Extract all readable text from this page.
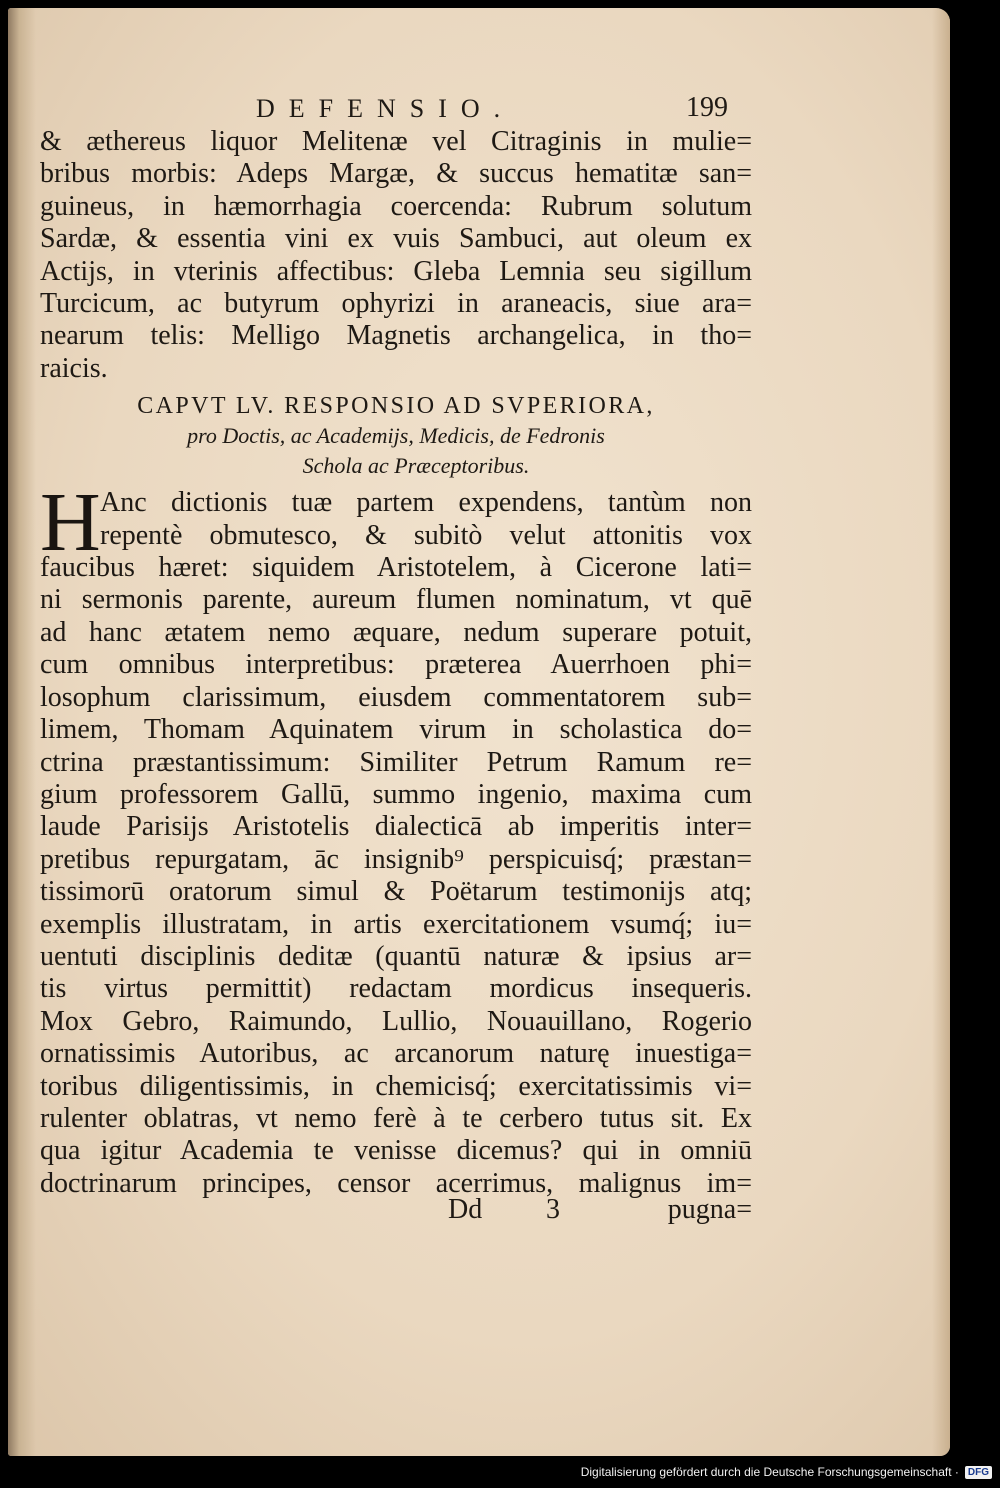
DEFENSIO.	199
& æthereus liquor Melitenæ vel Citraginis in mulie=
bribus morbis: Adeps Margæ, & succus hematitæ san=
guineus, in hæmorrhagia coercenda: Rubrum solutum
Sardæ, & essentia vini ex vuis Sambuci, aut oleum ex
Actijs, in vterinis affectibus: Gleba Lemnia seu sigillum
Turcicum, ac butyrum ophyrizi in araneacis, siue ara=
nearum telis: Melligo Magnetis archangelica, in tho=
raicis.
CAPVT LV. RESPONSIO AD SVPERIORA,
pro Doctis, ac Academijs, Medicis, de Fedronis
Schola ac Præceptoribus.
H Anc dictionis tuæ partem expendens, tantùm non
repentè obmutesco, & subitò velut attonitis vox
faucibus hæret: siquidem Aristotelem, à Cicerone lati=
ni sermonis parente, aureum flumen nominatum, vt quē
ad hanc ætatem nemo æquare, nedum superare potuit,
cum omnibus interpretibus: præterea Auerrhoen phi=
losophum clarissimum, eiusdem commentatorem sub=
limem, Thomam Aquinatem virum in scholastica do=
ctrina præstantissimum: Similiter Petrum Ramum re=
gium professorem Gallū, summo ingenio, maxima cum
laude Parisijs Aristotelis dialecticā ab imperitis inter=
pretibus repurgatam, āc insignib⁹ perspicuisq́; præstan=
tissimorū oratorum simul & Poëtarum testimonijs atq;
exemplis illustratam, in artis exercitationem vsumq́; iu=
uentuti disciplinis deditæ (quantū naturæ & ipsius ar=
tis virtus permittit) redactam mordicus insequeris.
Mox Gebro, Raimundo, Lullio, Nouauillano, Rogerio
ornatissimis Autoribus, ac arcanorum naturę inuestiga=
toribus diligentissimis, in chemicisq́; exercitatissimis vi=
rulenter oblatras, vt nemo ferè à te cerbero tutus sit. Ex
qua igitur Academia te venisse dicemus? qui in omniū
doctrinarum principes, censor acerrimus, malignus im=
Dd 3	pugna=
Digitalisierung gefördert durch die Deutsche Forschungsgemeinschaft · DFG
